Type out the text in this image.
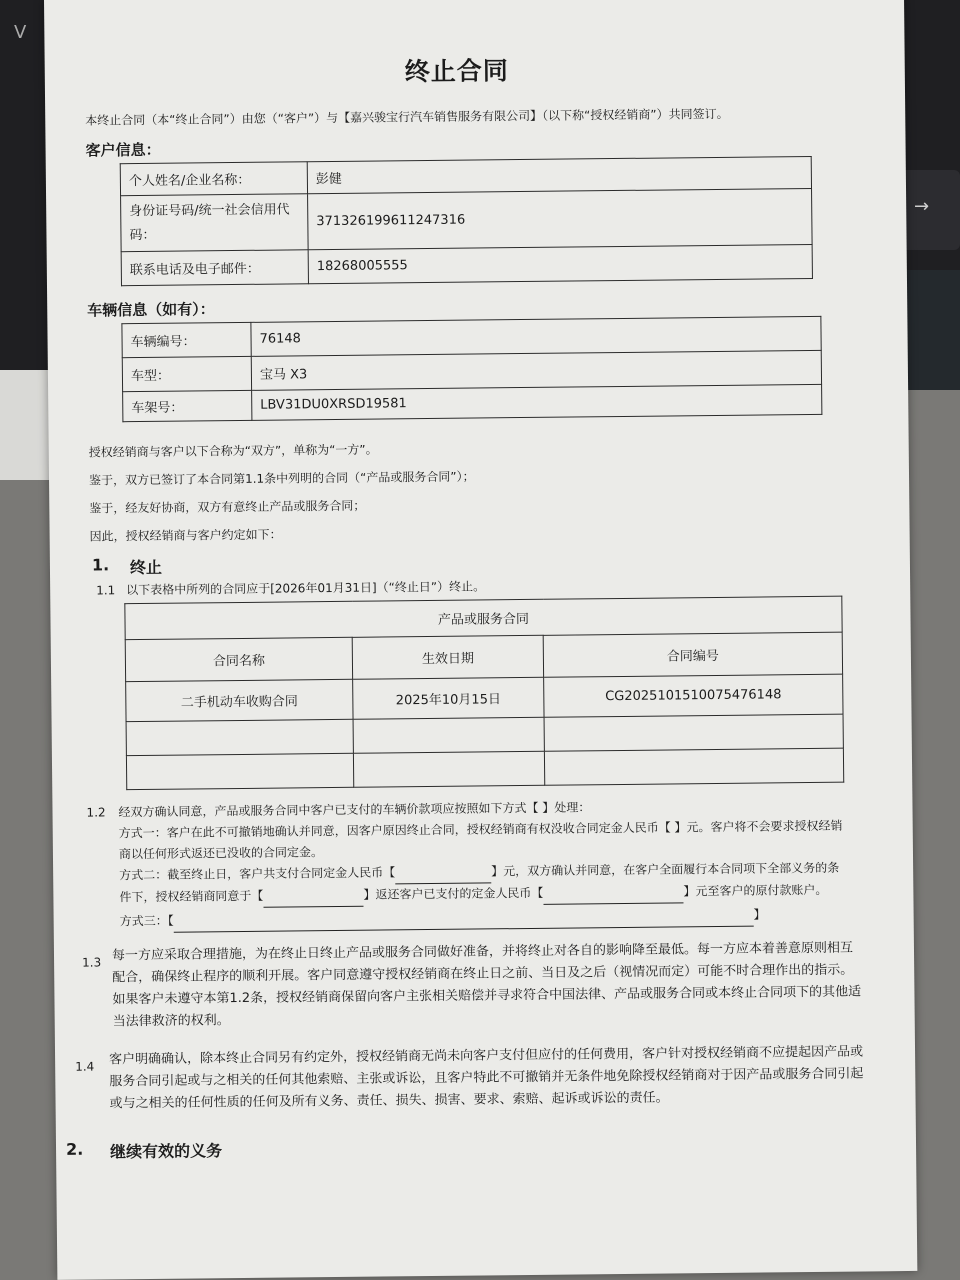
V
→
终止合同
本终止合同（本“终止合同”）由您（“客户”）与【嘉兴骏宝行汽车销售服务有限公司】（以下称“授权经销商”）共同签订。
客户信息：
个人姓名/企业名称：	彭健
身份证号码/统一社会信用代码：	371326199611247316
联系电话及电子邮件：	18268005555
车辆信息（如有）：
车辆编号：	76148
车型：	宝马 X3
车架号：	LBV31DU0XRSD19581
授权经销商与客户以下合称为“双方”，单称为“一方”。
鉴于，双方已签订了本合同第1.1条中列明的合同（“产品或服务合同”）；
鉴于，经友好协商，双方有意终止产品或服务合同；
因此，授权经销商与客户约定如下：
1. 终止
1.1 以下表格中所列的合同应于[2026年01月31日]（“终止日”）终止。
产品或服务合同		
合同名称	生效日期	合同编号
二手机动车收购合同	2025年10月15日	CG2025101510075476148

1.2 经双方确认同意，产品或服务合同中客户已支付的车辆价款项应按照如下方式【 】处理：
方式一：客户在此不可撤销地确认并同意，因客户原因终止合同，授权经销商有权没收合同定金人民币【 】元。客户将不会要求授权经销商以任何形式返还已没收的合同定金。
方式二：截至终止日，客户共支付合同定金人民币【	】元，双方确认并同意，在客户全面履行本合同项下全部义务的条件下，授权经销商同意于【	】返还客户已支付的定金人民币【	】元至客户的原付款账户。
方式三：【	】
1.3 每一方应采取合理措施，为在终止日终止产品或服务合同做好准备，并将终止对各自的影响降至最低。每一方应本着善意原则相互配合，确保终止程序的顺利开展。客户同意遵守授权经销商在终止日之前、当日及之后（视情况而定）可能不时合理作出的指示。如果客户未遵守本第1.2条，授权经销商保留向客户主张相关赔偿并寻求符合中国法律、产品或服务合同或本终止合同项下的其他适当法律救济的权利。
1.4 客户明确确认，除本终止合同另有约定外，授权经销商无尚未向客户支付但应付的任何费用，客户针对授权经销商不应提起因产品或服务合同引起或与之相关的任何其他索赔、主张或诉讼，且客户特此不可撤销并无条件地免除授权经销商对于因产品或服务合同引起或与之相关的任何性质的任何及所有义务、责任、损失、损害、要求、索赔、起诉或诉讼的责任。
2. 继续有效的义务
